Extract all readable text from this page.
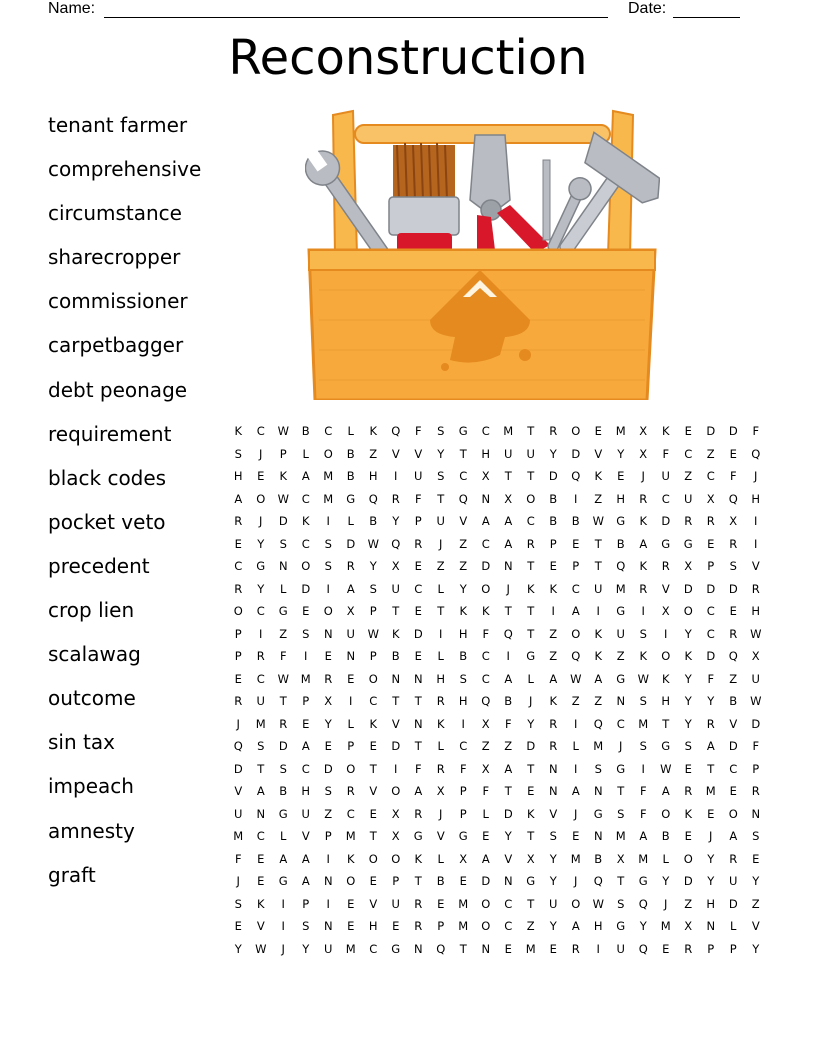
Name:	Date:
Reconstruction
tenant farmer
comprehensive
circumstance
sharecropper
commissioner
carpetbagger
debt peonage
requirement
black codes
pocket veto
precedent
crop lien
scalawag
outcome
sin tax
impeach
amnesty
graft
K	C	W	B	C	L	K	Q	F	S	G	C	M	T	R	O	E	M	X	K	E	D	D	F
S	J	P	L	O	B	Z	V	V	Y	T	H	U	U	Y	D	V	Y	X	F	C	Z	E	Q
H	E	K	A	M	B	H	I	U	S	C	X	T	T	D	Q	K	E	J	U	Z	C	F	J
A	O	W	C	M	G	Q	R	F	T	Q	N	X	O	B	I	Z	H	R	C	U	X	Q	H
R	J	D	K	I	L	B	Y	P	U	V	A	A	C	B	B	W	G	K	D	R	R	X	I
E	Y	S	C	S	D	W	Q	R	J	Z	C	A	R	P	E	T	B	A	G	G	E	R	I
C	G	N	O	S	R	Y	X	E	Z	Z	D	N	T	E	P	T	Q	K	R	X	P	S	V
R	Y	L	D	I	A	S	U	C	L	Y	O	J	K	K	C	U	M	R	V	D	D	D	R
O	C	G	E	O	X	P	T	E	T	K	K	T	T	I	A	I	G	I	X	O	C	E	H
P	I	Z	S	N	U	W	K	D	I	H	F	Q	T	Z	O	K	U	S	I	Y	C	R	W
P	R	F	I	E	N	P	B	E	L	B	C	I	G	Z	Q	K	Z	K	O	K	D	Q	X
E	C	W	M	R	E	O	N	N	H	S	C	A	L	A	W	A	G	W	K	Y	F	Z	U
R	U	T	P	X	I	C	T	T	R	H	Q	B	J	K	Z	Z	N	S	H	Y	Y	B	W
J	M	R	E	Y	L	K	V	N	K	I	X	F	Y	R	I	Q	C	M	T	Y	R	V	D
Q	S	D	A	E	P	E	D	T	L	C	Z	Z	D	R	L	M	J	S	G	S	A	D	F
D	T	S	C	D	O	T	I	F	R	F	X	A	T	N	I	S	G	I	W	E	T	C	P
V	A	B	H	S	R	V	O	A	X	P	F	T	E	N	A	N	T	F	A	R	M	E	R
U	N	G	U	Z	C	E	X	R	J	P	L	D	K	V	J	G	S	F	O	K	E	O	N
M	C	L	V	P	M	T	X	G	V	G	E	Y	T	S	E	N	M	A	B	E	J	A	S
F	E	A	A	I	K	O	O	K	L	X	A	V	X	Y	M	B	X	M	L	O	Y	R	E
J	E	G	A	N	O	E	P	T	B	E	D	N	G	Y	J	Q	T	G	Y	D	Y	U	Y
S	K	I	P	I	E	V	U	R	E	M	O	C	T	U	O	W	S	Q	J	Z	H	D	Z
E	V	I	S	N	E	H	E	R	P	M	O	C	Z	Y	A	H	G	Y	M	X	N	L	V
Y	W	J	Y	U	M	C	G	N	Q	T	N	E	M	E	R	I	U	Q	E	R	P	P	Y
